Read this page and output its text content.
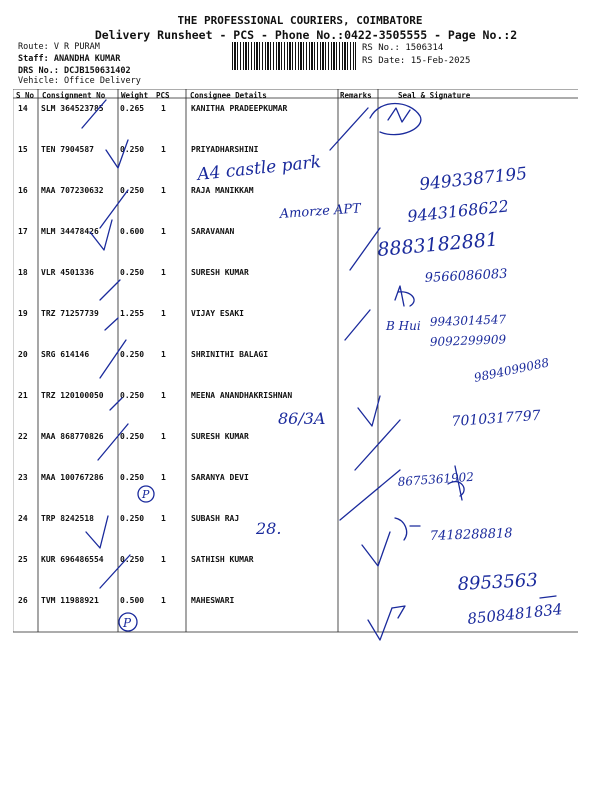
THE PROFESSIONAL COURIERS, COIMBATORE
Delivery Runsheet - PCS - Phone No.:0422-3505555 - Page No.:2
Route: V R PURAM
Staff: ANANDHA KUMAR
DRS No.: DCJB150631402
Vehicle: Office Delivery
RS No.: 1506314
RS Date: 15-Feb-2025
S No Consignment No Weight PCS	Consignee Details	Remarks	Seal & Signature
14 SLM 364523785 0.265 1	KANITHA PRADEEPKUMAR
15 TEN 7904587	0.250 1	PRIYADHARSHINI
16 MAA 707230632 0.250 1	RAJA MANIKKAM
17 MLM 34478426	0.600 1	SARAVANAN
18 VLR 4501336	0.250 1	SURESH KUMAR
19 TRZ 71257739	1.255 1	VIJAY ESAKI
20 SRG 614146	0.250 1	SHRINITHI BALAGI
21 TRZ 120100050 0.250 1	MEENA ANANDHAKRISHNAN
22 MAA 868770826 0.250 1	SURESH KUMAR
23 MAA 100767286 0.250 1	SARANYA DEVI
24 TRP 8242518	0.250 1	SUBASH RAJ
25 KUR 696486554 0.250 1	SATHISH KUMAR
26 TVM 11988921	0.500 1	MAHESWARI
P
P
A4 castle park	9493387195
Amorze APT	9443168622
8883182881
9566086083
B Hui 9943014547
9092299909
9894099088
86/3A	7010317797
8675361902
28.	7418288818
8953563
8508481834
